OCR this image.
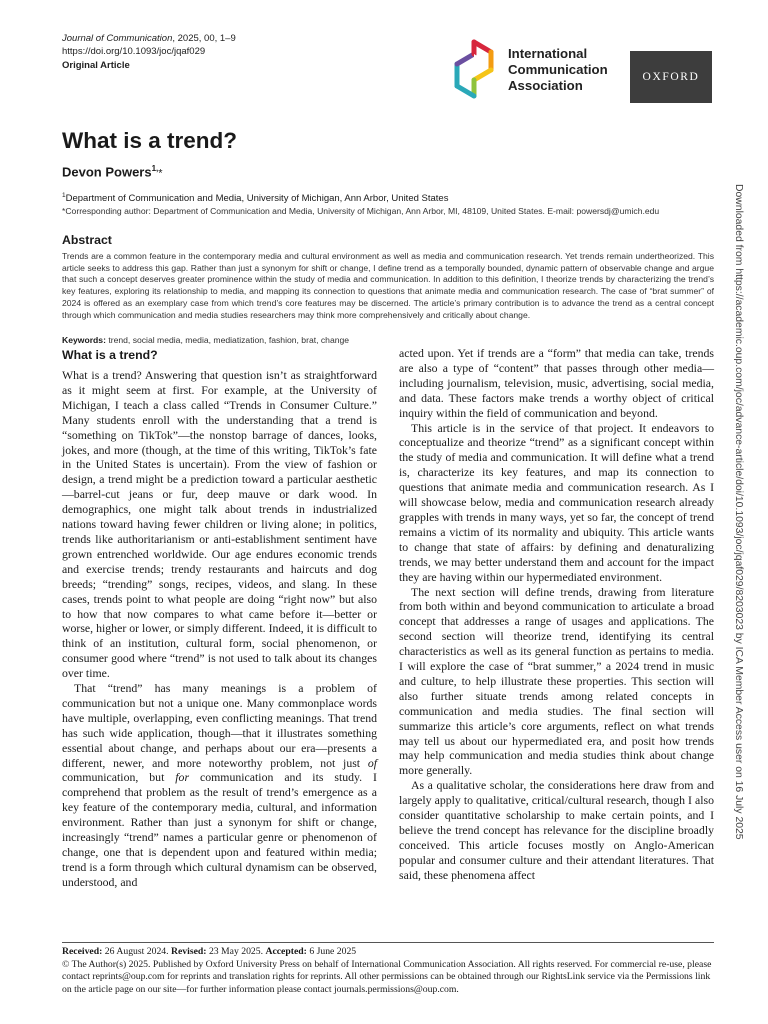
Journal of Communication, 2025, 00, 1–9
https://doi.org/10.1093/joc/jqaf029
Original Article
International
Communication
Association
OXFORD
What is a trend?
Devon Powers$^{1,}$*
$^1$Department of Communication and Media, University of Michigan, Ann Arbor, United States
*Corresponding author: Department of Communication and Media, University of Michigan, Ann Arbor, MI, 48109, United States. E-mail: powersdj@umich.edu
Abstract

Trends are a common feature in the contemporary media and cultural environment as well as media and communication research. Yet trends remain undertheorized. This article seeks to address this gap. Rather than just a synonym for shift or change, I define trend as a temporally bounded, dynamic pattern of observable change and argue that such a concept deserves greater prominence within the study of media and communication. In addition to this definition, I theorize trends by characterizing the trend’s key features, exploring its relationship to media, and mapping its connection to questions that animate media and communication research. The case of “brat summer” of 2024 is offered as an exemplary case from which trend’s core features may be discerned. The article’s primary contribution is to advance the trend as a central concept through which communication and media studies researchers may think more comprehensively and critically about change.

Keywords: trend, social media, media, mediatization, fashion, brat, change
What is a trend?

What is a trend? Answering that question isn’t as straightforward as it might seem at first. For example, at the University of Michigan, I teach a class called “Trends in Consumer Culture.” Many students enroll with the understanding that a trend is “something on TikTok”—the nonstop barrage of dances, looks, jokes, and more (though, at the time of this writing, TikTok’s fate in the United States is uncertain). From the view of fashion or design, a trend might be a prediction toward a particular aesthetic—barrel-cut jeans or fur, deep mauve or dark wood. In demographics, one might talk about trends in industrialized nations toward having fewer children or living alone; in politics, trends like authoritarianism or anti-establishment sentiment have grown entrenched worldwide. Our age endures economic trends and exercise trends; trendy restaurants and haircuts and dog breeds; “trending” songs, recipes, videos, and slang. In these cases, trends point to what people are doing “right now” but also to how that now compares to what came before it—better or worse, higher or lower, or simply different. Indeed, it is difficult to think of an institution, cultural form, social phenomenon, or consumer good where “trend” is not used to talk about its changes over time.

That “trend” has many meanings is a problem of communication but not a unique one. Many commonplace words have multiple, overlapping, even conflicting meanings. That trend has such wide application, though—that it illustrates something essential about change, and perhaps about our era—presents a different, newer, and more noteworthy problem, not just of communication, but for communication and its study. I comprehend that problem as the result of trend’s emergence as a key feature of the contemporary media, cultural, and information environment. Rather than just a synonym for shift or change, increasingly “trend” names a particular genre or phenomenon of change, one that is dependent upon and featured within media; trend is a form through which cultural dynamism can be observed, understood, and

acted upon. Yet if trends are a “form” that media can take, trends are also a type of “content” that passes through other media—including journalism, television, music, advertising, social media, and data. These factors make trends a worthy object of critical inquiry within the field of communication and beyond.

This article is in the service of that project. It endeavors to conceptualize and theorize “trend” as a significant concept within the study of media and communication. It will define what a trend is, characterize its key features, and map its connection to questions that animate media and communication research. As I will showcase below, media and communication research already grapples with trends in many ways, yet so far, the concept of trend remains a victim of its normality and ubiquity. This article wants to change that state of affairs: by defining and denaturalizing trends, we may better understand them and account for the impact they are having within our hypermediated environment.

The next section will define trends, drawing from literature from both within and beyond communication to articulate a broad concept that addresses a range of usages and applications. The second section will theorize trend, identifying its central characteristics as well as its general function as pertains to media. I will explore the case of “brat summer,” a 2024 trend in music and culture, to help illustrate these properties. This section will also further situate trends among related concepts in communication and media studies. The final section will summarize this article’s core arguments, reflect on what trends may tell us about our hypermediated era, and posit how trends may help communication and media studies think about change more generally.

As a qualitative scholar, the considerations here draw from and largely apply to qualitative, critical/cultural research, though I also consider quantitative scholarship to make certain points, and I believe the trend concept has relevance for the discipline broadly conceived. This article focuses mostly on Anglo-American popular and consumer culture and their attendant literatures. That said, these phenomena affect

Received: 26 August 2024. Revised: 23 May 2025. Accepted: 6 June 2025
© The Author(s) 2025. Published by Oxford University Press on behalf of International Communication Association. All rights reserved. For commercial re-use, please contact reprints@oup.com for reprints and translation rights for reprints. All other permissions can be obtained through our RightsLink service via the Permissions link on the article page on our site—for further information please contact journals.permissions@oup.com.
Downloaded from https://academic.oup.com/joc/advance-article/doi/10.1093/joc/jqaf029/8203023 by ICA Member Access user on 16 July 2025
